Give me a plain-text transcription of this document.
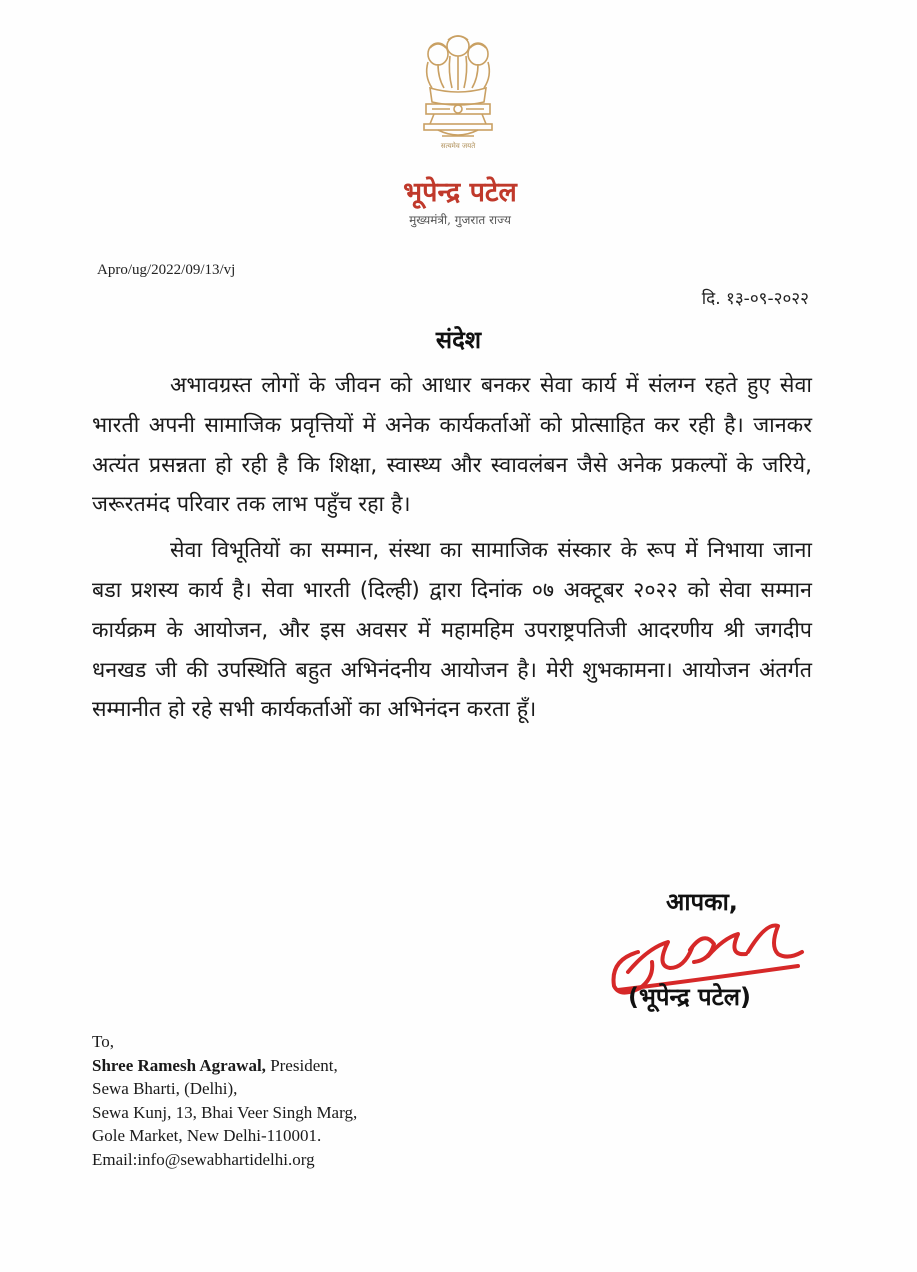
सत्यमेव जयते
भूपेन्द्र पटेल
मुख्यमंत्री, गुजरात राज्य
Apro/ug/2022/09/13/vj
दि. १३-०९-२०२२
संदेश

अभावग्रस्त लोगों के जीवन को आधार बनकर सेवा कार्य में संलग्न रहते हुए सेवा भारती अपनी सामाजिक प्रवृत्तियों में अनेक कार्यकर्ताओं को प्रोत्साहित कर रही है। जानकर अत्यंत प्रसन्नता हो रही है कि शिक्षा, स्वास्थ्य और स्वावलंबन जैसे अनेक प्रकल्पों के जरिये, जरूरतमंद परिवार तक लाभ पहुँच रहा है।

सेवा विभूतियों का सम्मान, संस्था का सामाजिक संस्कार के रूप में निभाया जाना बडा प्रशस्य कार्य है। सेवा भारती (दिल्ही) द्वारा दिनांक ०७ अक्टूबर २०२२ को सेवा सम्मान कार्यक्रम के आयोजन, और इस अवसर में महामहिम उपराष्ट्रपतिजी आदरणीय श्री जगदीप धनखड जी की उपस्थिति बहुत अभिनंदनीय आयोजन है। मेरी शुभकामना। आयोजन अंतर्गत सम्मानीत हो रहे सभी कार्यकर्ताओं का अभिनंदन करता हूँ।

आपका,
(भूपेन्द्र पटेल)
To,
Shree Ramesh Agrawal, President,
Sewa Bharti, (Delhi),
Sewa Kunj, 13, Bhai Veer Singh Marg,
Gole Market, New Delhi-110001.
Email:info@sewabhartidelhi.org
